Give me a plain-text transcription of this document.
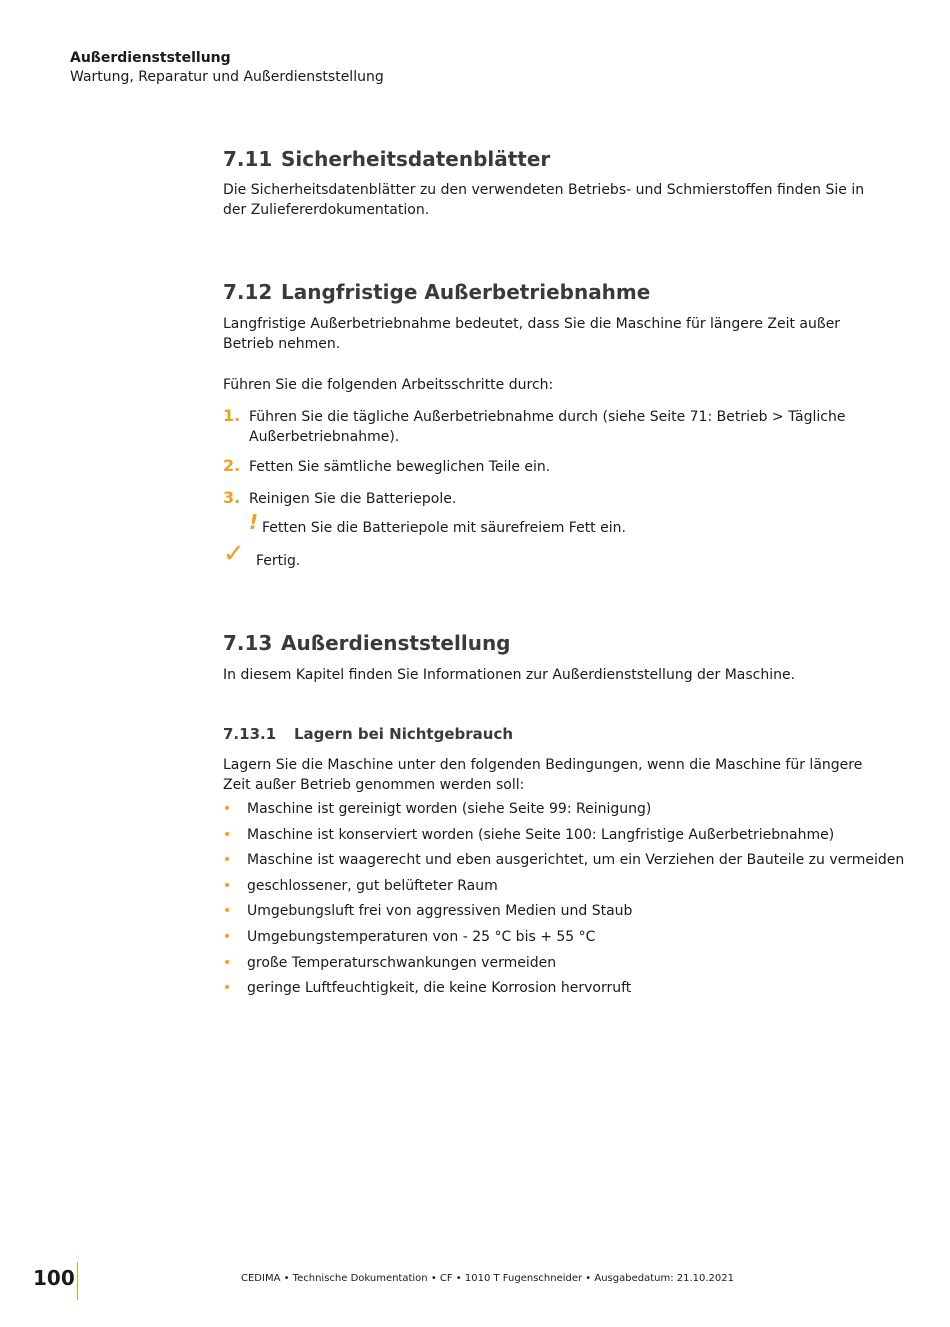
Außerdienststellung
Wartung, Reparatur und Außerdienststellung
7.11 Sicherheitsdatenblätter

Die Sicherheitsdatenblätter zu den verwendeten Betriebs- und Schmierstoffen finden Sie in der Zuliefererdokumentation.

7.12 Langfristige Außerbetriebnahme

Langfristige Außerbetriebnahme bedeutet, dass Sie die Maschine für längere Zeit außer Betrieb nehmen.

Führen Sie die folgenden Arbeitsschritte durch:

1. Führen Sie die tägliche Außerbetriebnahme durch (siehe Seite 71: Betrieb > Tägliche Außerbetriebnahme).
2. Fetten Sie sämtliche beweglichen Teile ein.
3. Reinigen Sie die Batteriepole.
! Fetten Sie die Batteriepole mit säurefreiem Fett ein.
✓ Fertig.
7.13 Außerdienststellung

In diesem Kapitel finden Sie Informationen zur Außerdienststellung der Maschine.

7.13.1 Lagern bei Nichtgebrauch

Lagern Sie die Maschine unter den folgenden Bedingungen, wenn die Maschine für längere Zeit außer Betrieb genommen werden soll:

• Maschine ist gereinigt worden (siehe Seite 99: Reinigung)
• Maschine ist konserviert worden (siehe Seite 100: Langfristige Außerbetriebnahme)
• Maschine ist waagerecht und eben ausgerichtet, um ein Verziehen der Bauteile zu vermeiden
• geschlossener, gut belüfteter Raum
• Umgebungsluft frei von aggressiven Medien und Staub
• Umgebungstemperaturen von - 25 °C bis + 55 °C
• große Temperaturschwankungen vermeiden
• geringe Luftfeuchtigkeit, die keine Korrosion hervorruft
100	CEDIMA • Technische Dokumentation • CF • 1010 T Fugenschneider • Ausgabedatum: 21.10.2021
